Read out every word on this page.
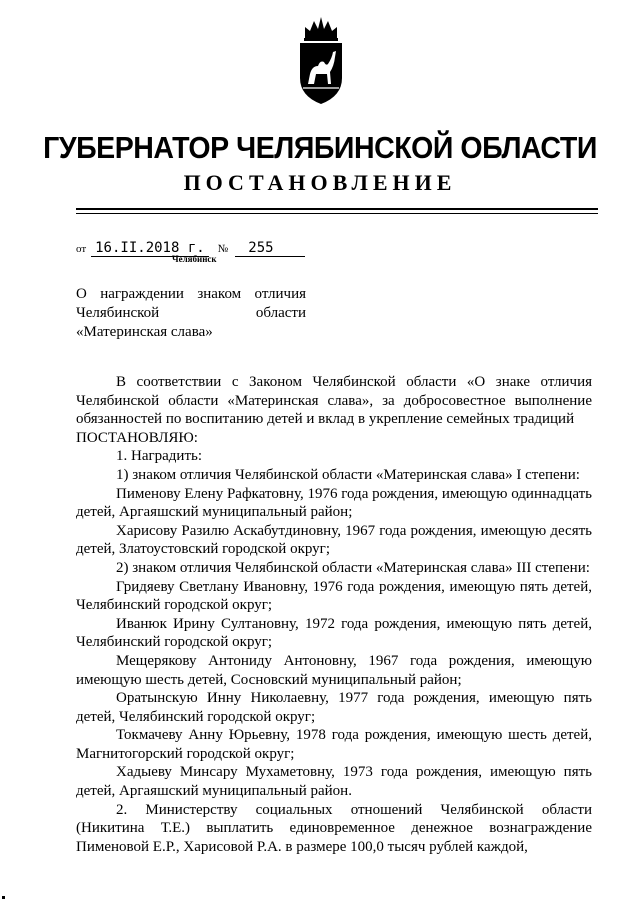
ГУБЕРНАТОР ЧЕЛЯБИНСКОЙ ОБЛАСТИ
ПОСТАНОВЛЕНИЕ
от 16.II.2018 г. № 255
Челябинск
О награждении знаком отличия
Челябинской области
«Материнская слава»

В соответствии с Законом Челябинской области «О знаке отличия Челябинской области «Материнская слава», за добросовестное выполнение обязанностей по воспитанию детей и вклад в укрепление семейных традиций

ПОСТАНОВЛЯЮ:

1. Наградить:

1) знаком отличия Челябинской области «Материнская слава» I степени:

Пименову Елену Рафкатовну, 1976 года рождения, имеющую одиннадцать детей, Аргаяшский муниципальный район;

Харисову Разилю Аскабутдиновну, 1967 года рождения, имеющую десять детей, Златоустовский городской округ;

2) знаком отличия Челябинской области «Материнская слава» III степени:

Гридяеву Светлану Ивановну, 1976 года рождения, имеющую пять детей, Челябинский городской округ;

Иванюк Ирину Султановну, 1972 года рождения, имеющую пять детей, Челябинский городской округ;

Мещерякову Антониду Антоновну, 1967 года рождения, имеющую имеющую шесть детей, Сосновский муниципальный район;

Оратынскую Инну Николаевну, 1977 года рождения, имеющую пять детей, Челябинский городской округ;

Токмачеву Анну Юрьевну, 1978 года рождения, имеющую шесть детей, Магнитогорский городской округ;

Хадыеву Минсару Мухаметовну, 1973 года рождения, имеющую пять детей, Аргаяшский муниципальный район.

2. Министерству социальных отношений Челябинской области (Никитина Т.Е.) выплатить единовременное денежное вознаграждение Пименовой Е.Р., Харисовой Р.А. в размере 100,0 тысяч рублей каждой,
